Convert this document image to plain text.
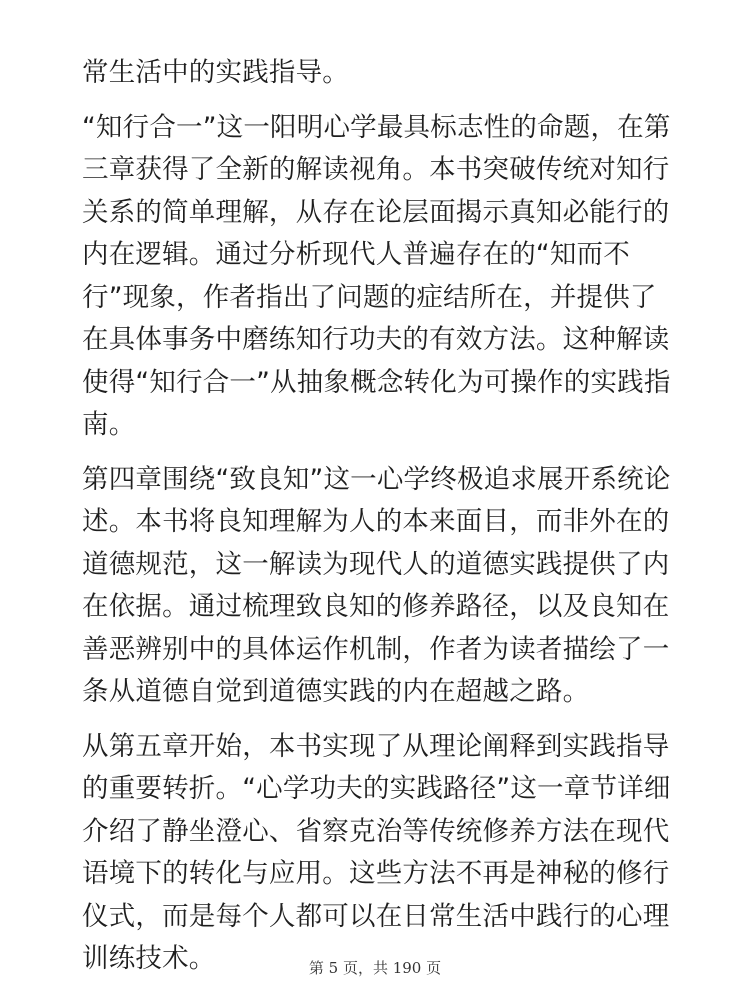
常生活中的实践指导。

“知行合一”这一阳明心学最具标志性的命题，在第三章获得了全新的解读视角。本书突破传统对知行关系的简单理解，从存在论层面揭示真知必能行的内在逻辑。通过分析现代人普遍存在的“知而不行”现象，作者指出了问题的症结所在，并提供了在具体事务中磨练知行功夫的有效方法。这种解读使得“知行合一”从抽象概念转化为可操作的实践指南。

第四章围绕“致良知”这一心学终极追求展开系统论述。本书将良知理解为人的本来面目，而非外在的道德规范，这一解读为现代人的道德实践提供了内在依据。通过梳理致良知的修养路径，以及良知在善恶辨别中的具体运作机制，作者为读者描绘了一条从道德自觉到道德实践的内在超越之路。

从第五章开始，本书实现了从理论阐释到实践指导的重要转折。“心学功夫的实践路径”这一章节详细介绍了静坐澄心、省察克治等传统修养方法在现代语境下的转化与应用。这些方法不再是神秘的修行仪式，而是每个人都可以在日常生活中践行的心理训练技术。	第 5 页，共 190 页
